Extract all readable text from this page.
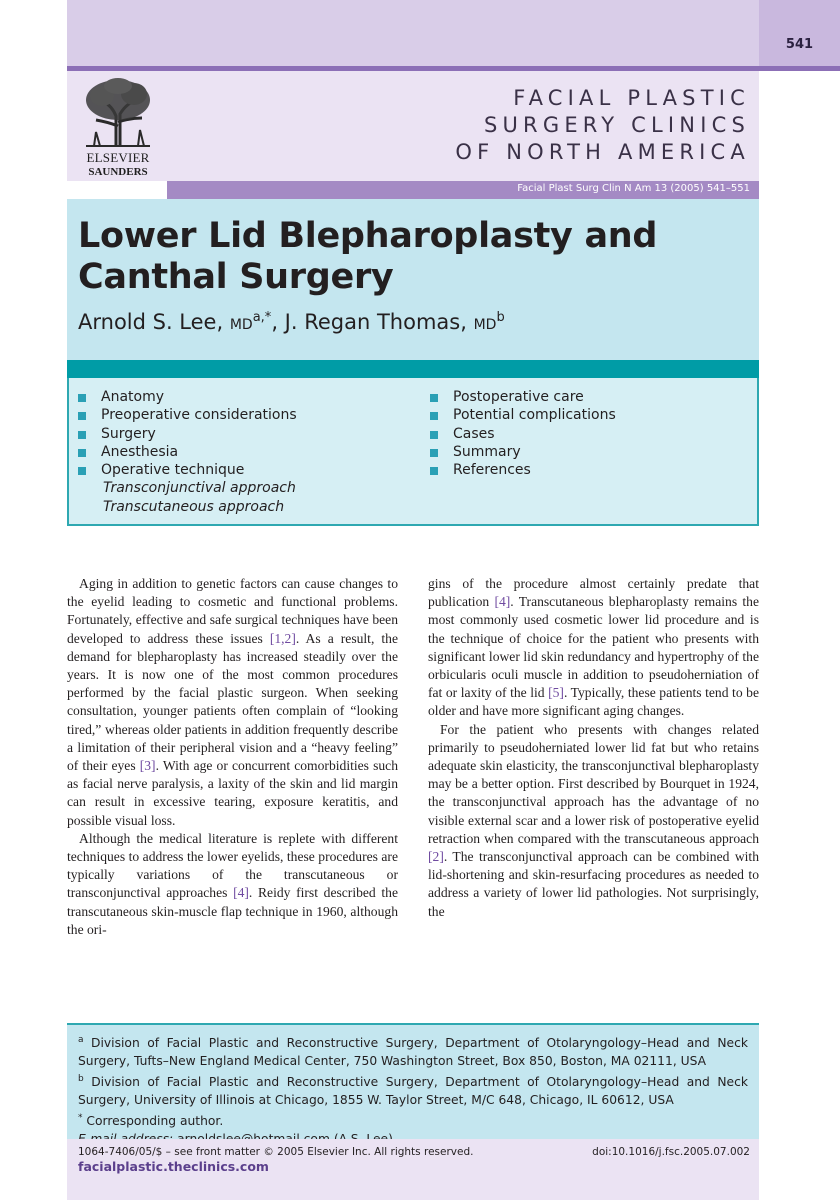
541
ELSEVIER
SAUNDERS
FACIAL PLASTIC
SURGERY CLINICS
OF NORTH AMERICA
Facial Plast Surg Clin N Am 13 (2005) 541–551
Lower Lid Blepharoplasty and Canthal Surgery
Arnold S. Lee, $MD^{a,*}$, J. Regan Thomas, $MD^b$
Anatomy
Preoperative considerations
Surgery
Anesthesia
Operative technique
Transconjunctival approach
Transcutaneous approach
Postoperative care
Potential complications
Cases
Summary
References

Aging in addition to genetic factors can cause changes to the eyelid leading to cosmetic and functional problems. Fortunately, effective and safe surgical techniques have been developed to address these issues [1,2]. As a result, the demand for blepharoplasty has increased steadily over the years. It is now one of the most common procedures performed by the facial plastic surgeon. When seeking consultation, younger patients often complain of “looking tired,” whereas older patients in addition frequently describe a limitation of their peripheral vision and a “heavy feeling” of their eyes [3]. With age or concurrent comorbidities such as facial nerve paralysis, a laxity of the skin and lid margin can result in excessive tearing, exposure keratitis, and possible visual loss.

Although the medical literature is replete with different techniques to address the lower eyelids, these procedures are typically variations of the transcutaneous or transconjunctival approaches [4]. Reidy first described the transcutaneous skin-muscle flap technique in 1960, although the ori-

gins of the procedure almost certainly predate that publication [4]. Transcutaneous blepharoplasty remains the most commonly used cosmetic lower lid procedure and is the technique of choice for the patient who presents with significant lower lid skin redundancy and hypertrophy of the orbicularis oculi muscle in addition to pseudoherniation of fat or laxity of the lid [5]. Typically, these patients tend to be older and have more significant aging changes.

For the patient who presents with changes related primarily to pseudoherniated lower lid fat but who retains adequate skin elasticity, the transconjunctival blepharoplasty may be a better option. First described by Bourquet in 1924, the transconjunctival approach has the advantage of no visible external scar and a lower risk of postoperative eyelid retraction when compared with the transcutaneous approach [2]. The transconjunctival approach can be combined with lid-shortening and skin-resurfacing procedures as needed to address a variety of lower lid pathologies. Not surprisingly, the

$^a$ Division of Facial Plastic and Reconstructive Surgery, Department of Otolaryngology–Head and Neck Surgery, Tufts–New England Medical Center, 750 Washington Street, Box 850, Boston, MA 02111, USA

$^b$ Division of Facial Plastic and Reconstructive Surgery, Department of Otolaryngology–Head and Neck Surgery, University of Illinois at Chicago, 1855 W. Taylor Street, M/C 648, Chicago, IL 60612, USA

* Corresponding author.

1064-7406/05/$ – see front matter © 2005 Elsevier Inc. All rights reserved.	doi:10.1016/j.fsc.2005.07.002
facialplastic.theclinics.com
